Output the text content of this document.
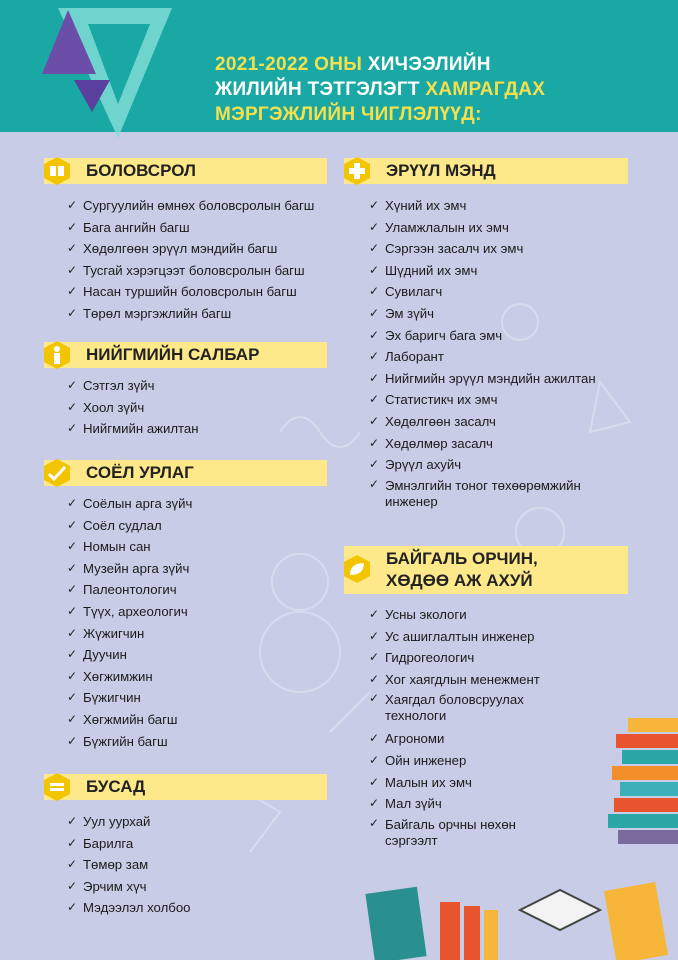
2021-2022 ОНЫ ХИЧЭЭЛИЙН
ЖИЛИЙН ТЭТГЭЛЭГТ ХАМРАГДАХ
МЭРГЭЖЛИЙН ЧИГЛЭЛҮҮД:
БОЛОВСРОЛ
✓ Сургуулийн өмнөх боловсролын багш
✓ Бага ангийн багш
✓ Хөдөлгөөн эрүүл мэндийн багш
✓ Тусгай хэрэгцээт боловсролын багш
✓ Насан туршийн боловсролын багш
✓ Төрөл мэргэжлийн багш
НИЙГМИЙН САЛБАР
✓ Сэтгэл зүйч
✓ Хоол зүйч
✓ Нийгмийн ажилтан
СОЁЛ УРЛАГ
✓ Соёлын арга зүйч
✓ Соёл судлал
✓ Номын сан
✓ Музейн арга зүйч
✓ Палеонтологич
✓ Түүх, археологич
✓ Жүжигчин
✓ Дуучин
✓ Хөгжимжин
✓ Бүжигчин
✓ Хөгжмийн багш
✓ Бүжгийн багш
БУСАД
✓ Уул уурхай
✓ Барилга
✓ Төмөр зам
✓ Эрчим хүч
✓ Мэдээлэл холбоо
ЭРҮҮЛ МЭНД
✓ Хүний их эмч
✓ Уламжлалын их эмч
✓ Сэргээн засалч их эмч
✓ Шүдний их эмч
✓ Сувилагч
✓ Эм зүйч
✓ Эх баригч бага эмч
✓ Лаборант
✓ Нийгмийн эрүүл мэндийн ажилтан
✓ Статистикч их эмч
✓ Хөдөлгөөн засалч
✓ Хөдөлмөр засалч
✓ Эрүүл ахуйч
✓ Эмнэлгийн тоног төхөөрөмжийн инженер
БАЙГАЛЬ ОРЧИН,
ХӨДӨӨ АЖ АХУЙ
✓ Усны экологи
✓ Ус ашиглалтын инженер
✓ Гидрогеологич
✓ Хог хаягдлын менежмент
✓ Хаягдал боловсруулах технологи
✓ Агрономи
✓ Ойн инженер
✓ Малын их эмч
✓ Мал зүйч
✓ Байгаль орчны нөхөн сэргээлт
